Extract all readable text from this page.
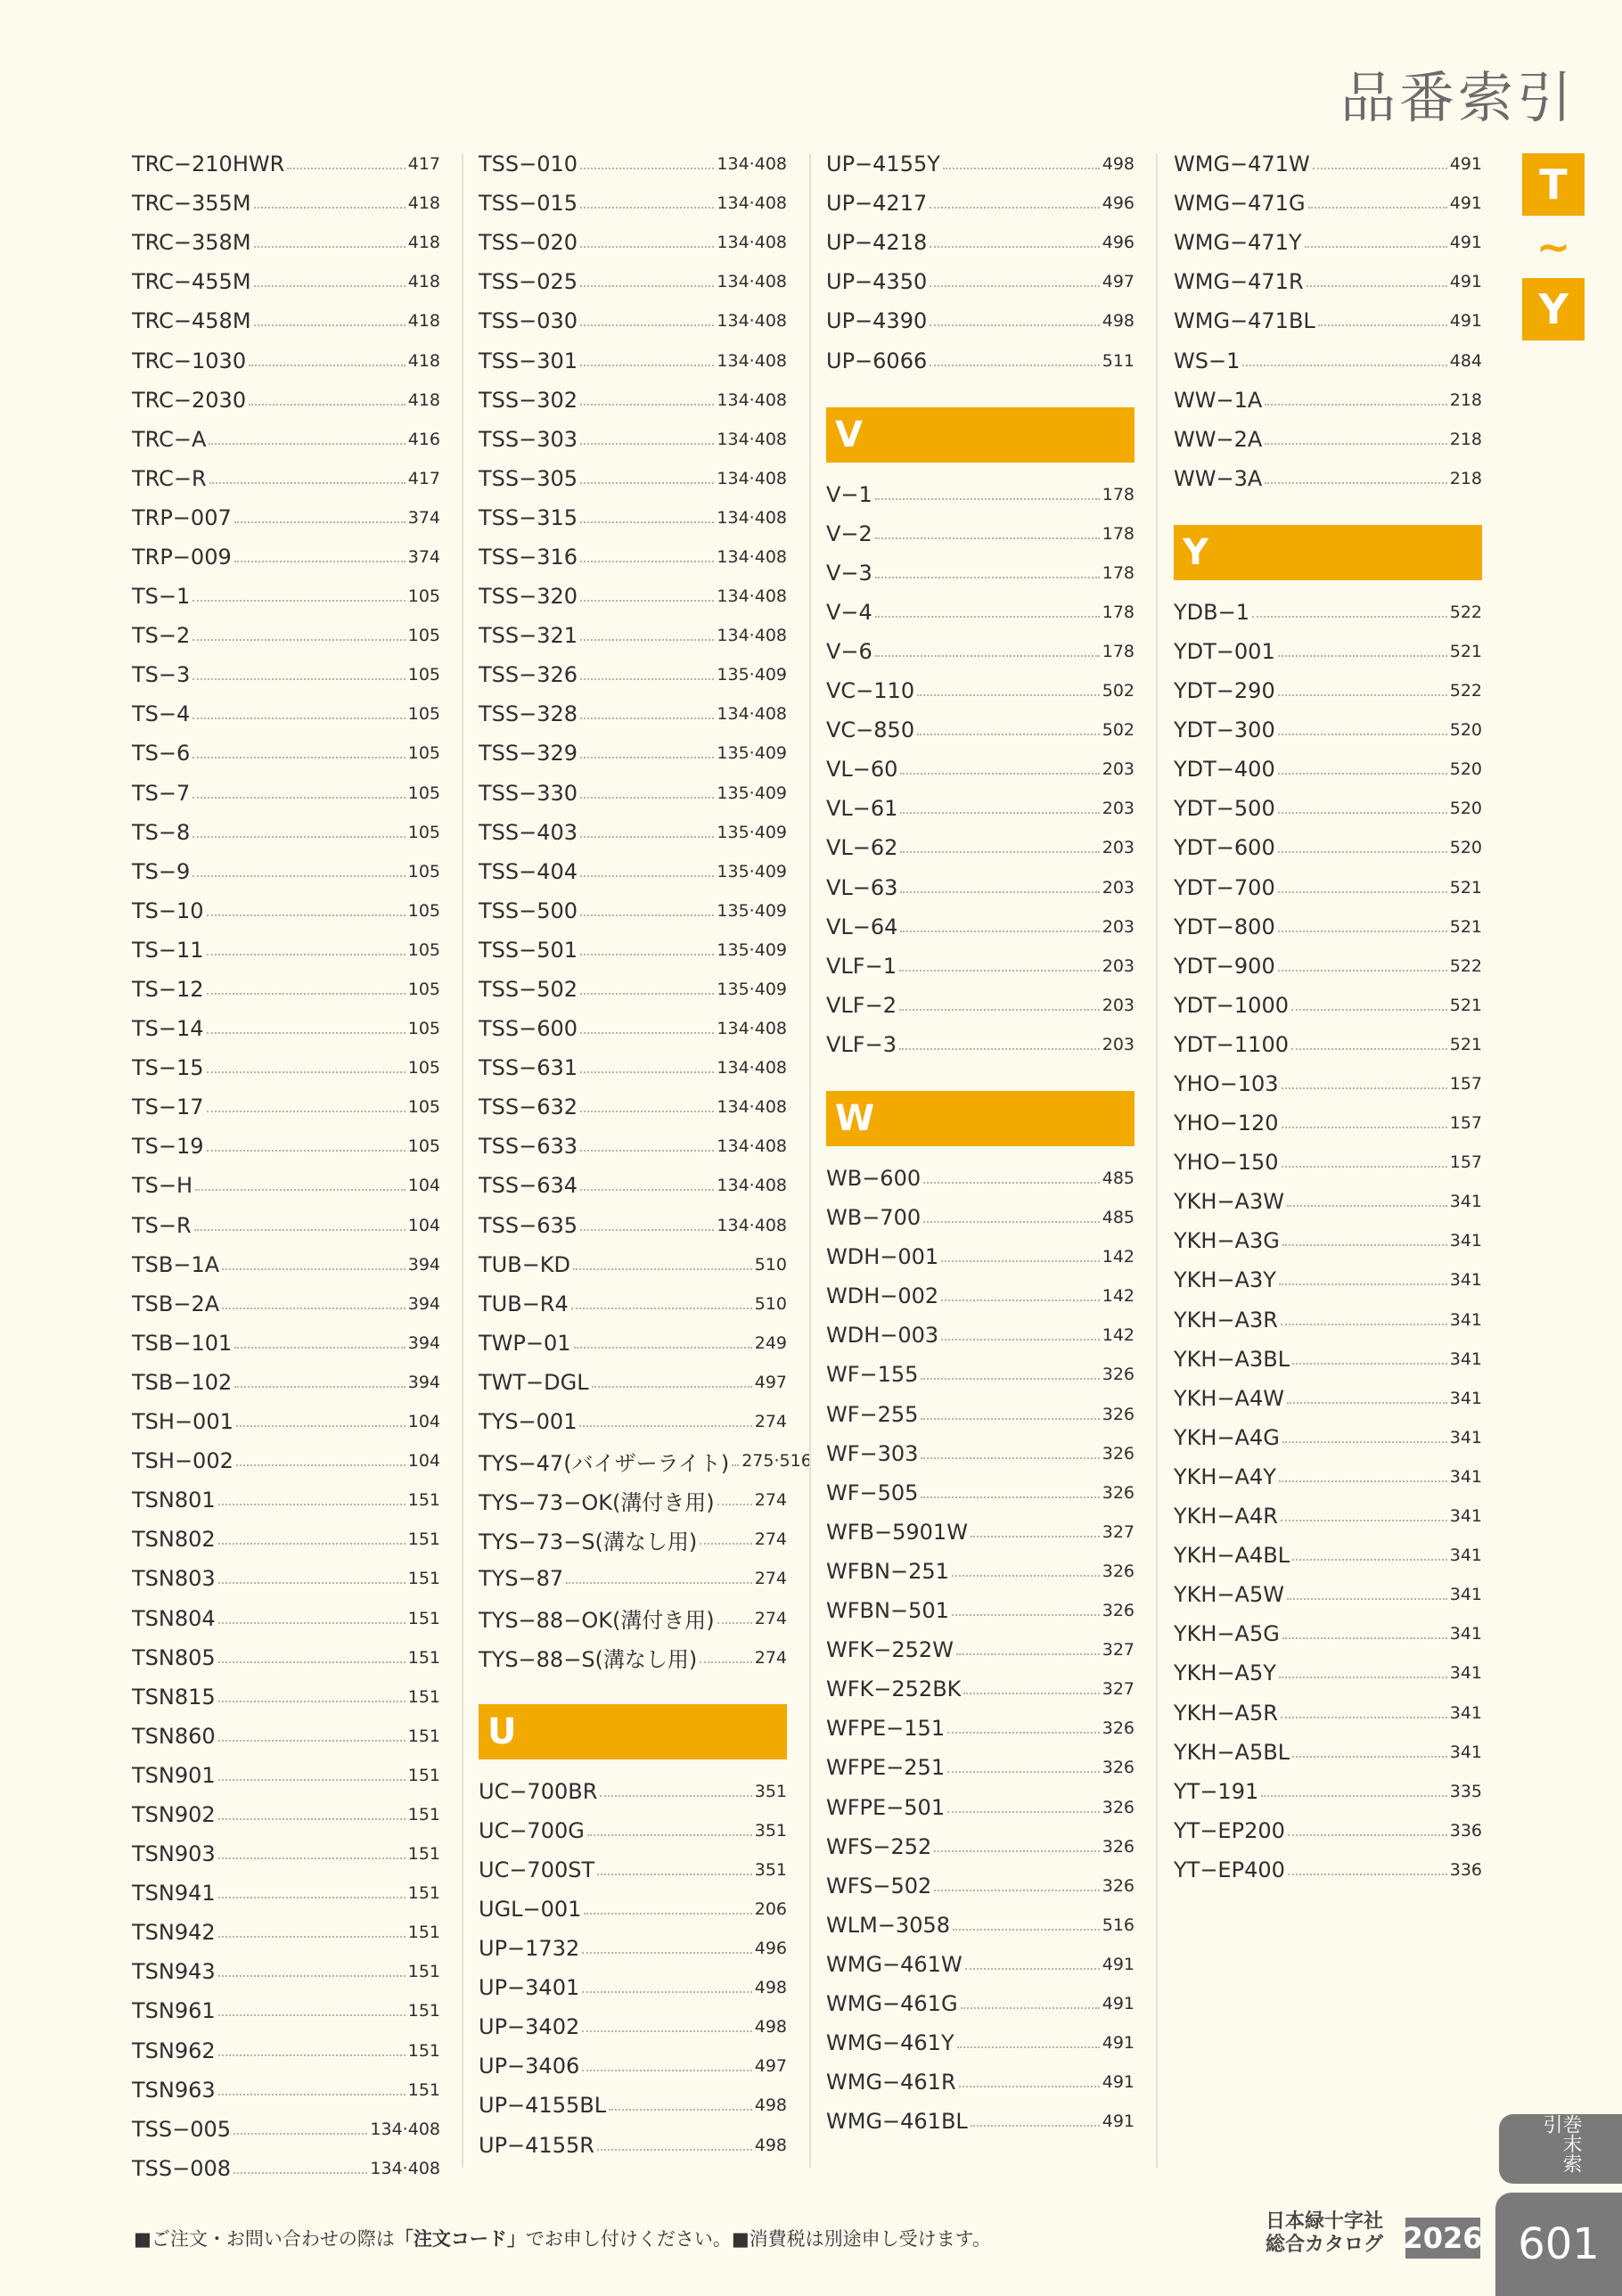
品番索引
TRC−210HWR	417
TRC−355M	418
TRC−358M	418
TRC−455M	418
TRC−458M	418
TRC−1030	418
TRC−2030	418
TRC−A	416
TRC−R	417
TRP−007	374
TRP−009	374
TS−1	105
TS−2	105
TS−3	105
TS−4	105
TS−6	105
TS−7	105
TS−8	105
TS−9	105
TS−10	105
TS−11	105
TS−12	105
TS−14	105
TS−15	105
TS−17	105
TS−19	105
TS−H	104
TS−R	104
TSB−1A	394
TSB−2A	394
TSB−101	394
TSB−102	394
TSH−001	104
TSH−002	104
TSN801	151
TSN802	151
TSN803	151
TSN804	151
TSN805	151
TSN815	151
TSN860	151
TSN901	151
TSN902	151
TSN903	151
TSN941	151
TSN942	151
TSN943	151
TSN961	151
TSN962	151
TSN963	151
TSS−005	134·408
TSS−008	134·408
TSS−010	134·408
TSS−015	134·408
TSS−020	134·408
TSS−025	134·408
TSS−030	134·408
TSS−301	134·408
TSS−302	134·408
TSS−303	134·408
TSS−305	134·408
TSS−315	134·408
TSS−316	134·408
TSS−320	134·408
TSS−321	134·408
TSS−326	135·409
TSS−328	134·408
TSS−329	135·409
TSS−330	135·409
TSS−403	135·409
TSS−404	135·409
TSS−500	135·409
TSS−501	135·409
TSS−502	135·409
TSS−600	134·408
TSS−631	134·408
TSS−632	134·408
TSS−633	134·408
TSS−634	134·408
TSS−635	134·408
TUB−KD	510
TUB−R4	510
TWP−01	249
TWT−DGL	497
TYS−001	274
TYS−47(バイザーライト) 275·516
TYS−73−OK(溝付き用) 274
TYS−73−S(溝なし用)	274
TYS−87	274
TYS−88−OK(溝付き用) 274
TYS−88−S(溝なし用)	274
U
UC−700BR	351
UC−700G	351
UC−700ST	351
UGL−001	206
UP−1732	496
UP−3401	498
UP−3402	498
UP−3406	497
UP−4155BL	498
UP−4155R	498
UP−4155Y	498
UP−4217	496
UP−4218	496
UP−4350	497
UP−4390	498
UP−6066	511
V
V−1	178
V−2	178
V−3	178
V−4	178
V−6	178
VC−110	502
VC−850	502
VL−60	203
VL−61	203
VL−62	203
VL−63	203
VL−64	203
VLF−1	203
VLF−2	203
VLF−3	203
W
WB−600	485
WB−700	485
WDH−001	142
WDH−002	142
WDH−003	142
WF−155	326
WF−255	326
WF−303	326
WF−505	326
WFB−5901W	327
WFBN−251	326
WFBN−501	326
WFK−252W	327
WFK−252BK	327
WFPE−151	326
WFPE−251	326
WFPE−501	326
WFS−252	326
WFS−502	326
WLM−3058	516
WMG−461W	491
WMG−461G	491
WMG−461Y	491
WMG−461R	491
WMG−461BL	491
WMG−471W	491
WMG−471G	491
WMG−471Y	491
WMG−471R	491
WMG−471BL	491
WS−1	484
WW−1A	218
WW−2A	218
WW−3A	218
Y
YDB−1	522
YDT−001	521
YDT−290	522
YDT−300	520
YDT−400	520
YDT−500	520
YDT−600	520
YDT−700	521
YDT−800	521
YDT−900	522
YDT−1000	521
YDT−1100	521
YHO−103	157
YHO−120	157
YHO−150	157
YKH−A3W	341
YKH−A3G	341
YKH−A3Y	341
YKH−A3R	341
YKH−A3BL	341
YKH−A4W	341
YKH−A4G	341
YKH−A4Y	341
YKH−A4R	341
YKH−A4BL	341
YKH−A5W	341
YKH−A5G	341
YKH−A5Y	341
YKH−A5R	341
YKH−A5BL	341
YT−191	335
YT−EP200	336
YT−EP400	336
T
~
Y
巻末索引
■ご注文・お問い合わせの際は「注文コード」でお申し付けください。■消費税は別途申し受けます。
日本緑十字社
総合カタログ 2026 601
